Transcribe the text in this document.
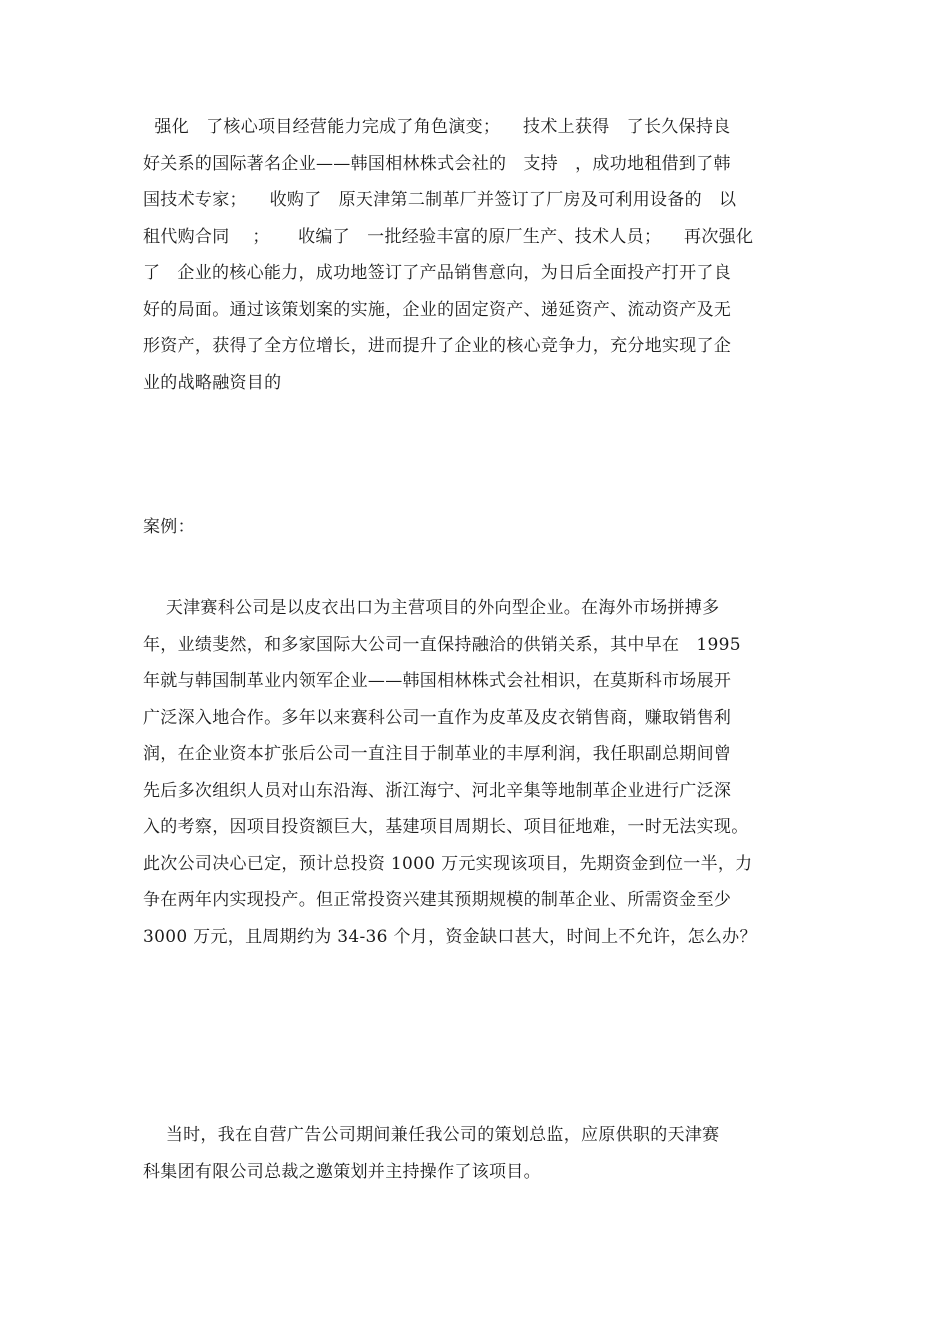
强化   了核心项目经营能力完成了角色演变；    技术上获得   了长久保持良
好关系的国际著名企业——韩国相林株式会社的   支持   ，成功地租借到了韩
国技术专家；    收购了   原天津第二制革厂并签订了厂房及可利用设备的   以
租代购合同    ；     收编了   一批经验丰富的原厂生产、技术人员；    再次强化
了   企业的核心能力，成功地签订了产品销售意向，为日后全面投产打开了良
好的局面。通过该策划案的实施，企业的固定资产、递延资产、流动资产及无
形资产，获得了全方位增长，进而提升了企业的核心竞争力，充分地实现了企
业的战略融资目的
案例：
天津赛科公司是以皮衣出口为主营项目的外向型企业。在海外市场拼搏多
年，业绩斐然，和多家国际大公司一直保持融洽的供销关系，其中早在   1995
年就与韩国制革业内领军企业——韩国相林株式会社相识，在莫斯科市场展开
广泛深入地合作。多年以来赛科公司一直作为皮革及皮衣销售商，赚取销售利
润，在企业资本扩张后公司一直注目于制革业的丰厚利润，我任职副总期间曾
先后多次组织人员对山东沿海、浙江海宁、河北辛集等地制革企业进行广泛深
入的考察，因项目投资额巨大，基建项目周期长、项目征地难，一时无法实现。
此次公司决心已定，预计总投资 1000 万元实现该项目，先期资金到位一半，力
争在两年内实现投产。但正常投资兴建其预期规模的制革企业、所需资金至少
3000 万元，且周期约为 34-36 个月，资金缺口甚大，时间上不允许，怎么办？
当时，我在自营广告公司期间兼任我公司的策划总监，应原供职的天津赛
科集团有限公司总裁之邀策划并主持操作了该项目。
